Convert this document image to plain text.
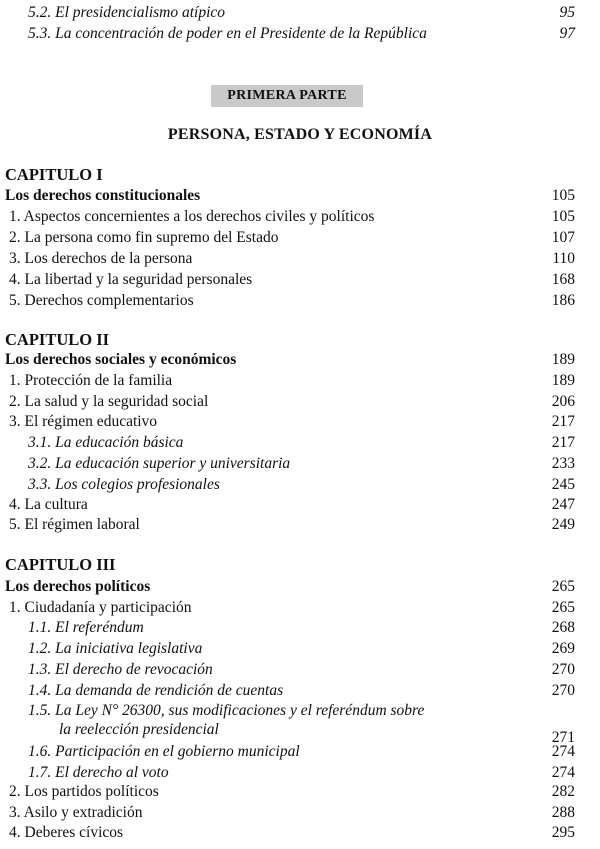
5.2. El presidencialismo atípico	95
5.3. La concentración de poder en el Presidente de la República	97
PRIMERA PARTE
PERSONA, ESTADO Y ECONOMÍA
CAPITULO I
Los derechos constitucionales	105
1. Aspectos concernientes a los derechos civiles y políticos	105
2. La persona como fin supremo del Estado	107
3. Los derechos de la persona	110
4. La libertad y la seguridad personales	168
5. Derechos complementarios	186
CAPITULO II
Los derechos sociales y económicos	189
1. Protección de la familia	189
2. La salud y la seguridad social	206
3. El régimen educativo	217
3.1. La educación básica	217
3.2. La educación superior y universitaria	233
3.3. Los colegios profesionales	245
4. La cultura	247
5. El régimen laboral	249
CAPITULO III
Los derechos políticos	265
1. Ciudadanía y participación	265
1.1. El referéndum	268
1.2. La iniciativa legislativa	269
1.3. El derecho de revocación	270
1.4. La demanda de rendición de cuentas	270
1.5. La Ley N° 26300, sus modificaciones y el referéndum sobre
la reelección presidencial	271
1.6. Participación en el gobierno municipal	274
1.7. El derecho al voto	274
2. Los partidos políticos	282
3. Asilo y extradición	288
4. Deberes cívicos	295
